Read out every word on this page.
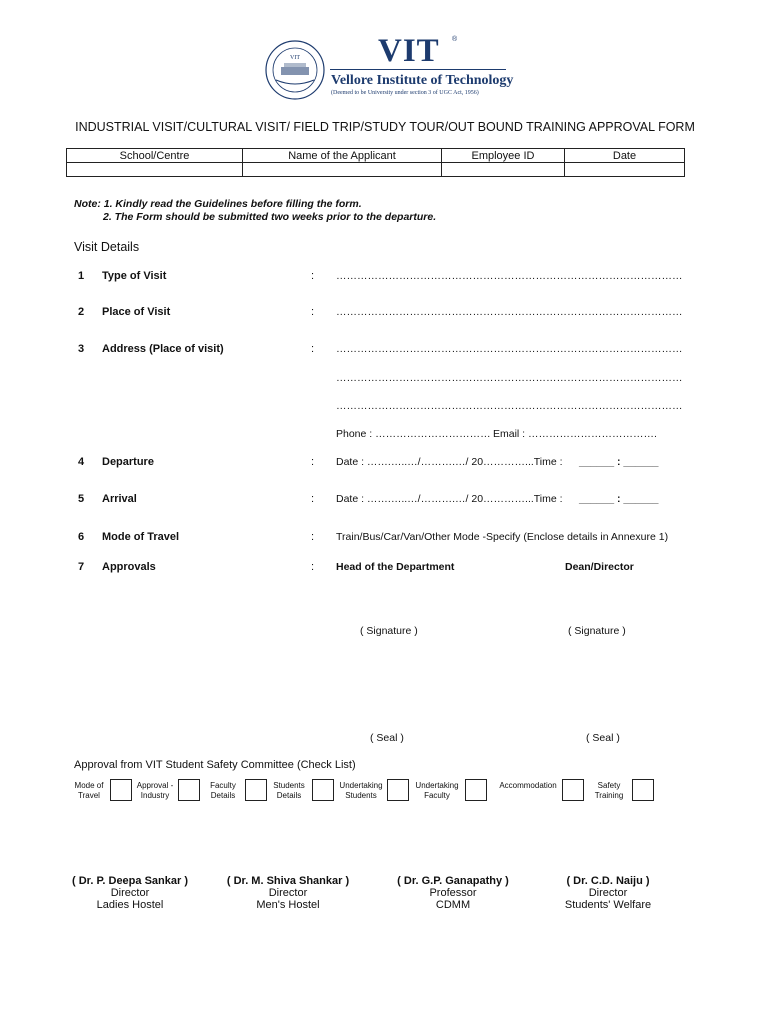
VIT VIT ®
Vellore Institute of Technology
(Deemed to be University under section 3 of UGC Act, 1956)
INDUSTRIAL VISIT/CULTURAL VISIT/ FIELD TRIP/STUDY TOUR/OUT BOUND TRAINING APPROVAL FORM
School/Centre	Name of the Applicant	Employee ID	Date

Note: 1. Kindly read the Guidelines before filling the form.
2. The Form should be submitted two weeks prior to the departure.
Visit Details
1 Type of Visit	: ………………………………………………………………………………………
2 Place of Visit	: ………………………………………………………………………………………
3 Address (Place of visit)	: ………………………………………………………………………………………
………………………………………………………………………………………
………………………………………………………………………………………
Phone : …………………………… Email : ……………………………….
4 Departure	: Date : …….…..…/……….…/ 20…………...Time : ______ : ______
5 Arrival	: Date : …….…..…/……….…/ 20…………...Time : ______ : ______
6 Mode of Travel	: Train/Bus/Car/Van/Other Mode -Specify (Enclose details in Annexure 1)
7 Approvals	: Head of the Department	Dean/Director
( Signature )	( Signature )
( Seal )	( Seal )
Approval from VIT Student Safety Committee (Check List)
Mode of
Travel
Approval -
Industry
Faculty
Details
Students
Details
Undertaking
Students
Undertaking
Faculty
Accommodation	Safety
Training
( Dr. P. Deepa Sankar )
Director
Ladies Hostel
( Dr. M. Shiva Shankar )
Director
Men's Hostel
( Dr. G.P. Ganapathy )
Professor
CDMM
( Dr. C.D. Naiju )
Director
Students' Welfare
